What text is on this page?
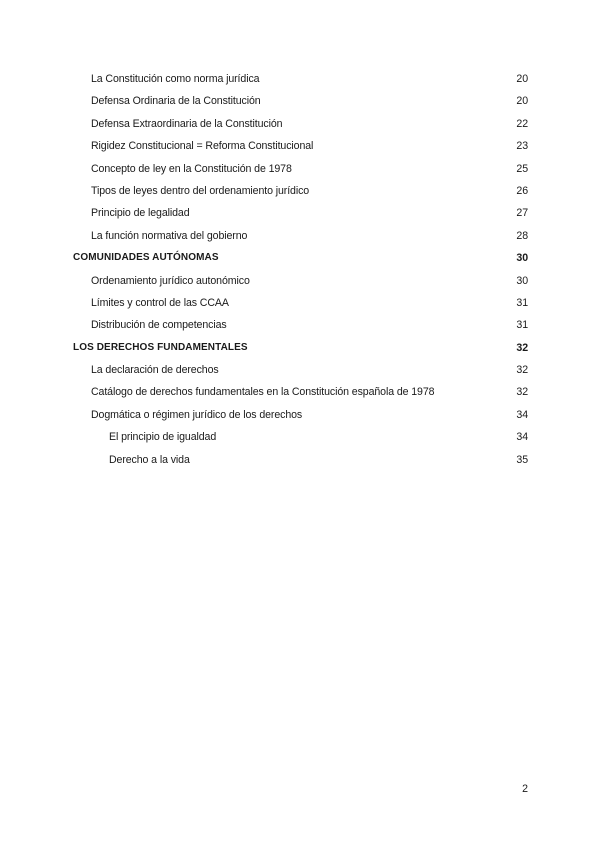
La Constitución como norma jurídica	20
Defensa Ordinaria de la Constitución	20
Defensa Extraordinaria de la Constitución	22
Rigidez Constitucional = Reforma Constitucional	23
Concepto de ley en la Constitución de 1978	25
Tipos de leyes dentro del ordenamiento jurídico	26
Principio de legalidad	27
La función normativa del gobierno	28
COMUNIDADES AUTÓNOMAS	30
Ordenamiento jurídico autonómico	30
Límites y control de las CCAA	31
Distribución de competencias	31
LOS DERECHOS FUNDAMENTALES	32
La declaración de derechos	32
Catálogo de derechos fundamentales en la Constitución española de 1978	32
Dogmática o régimen jurídico de los derechos	34
El principio de igualdad	34
Derecho a la vida	35
2
